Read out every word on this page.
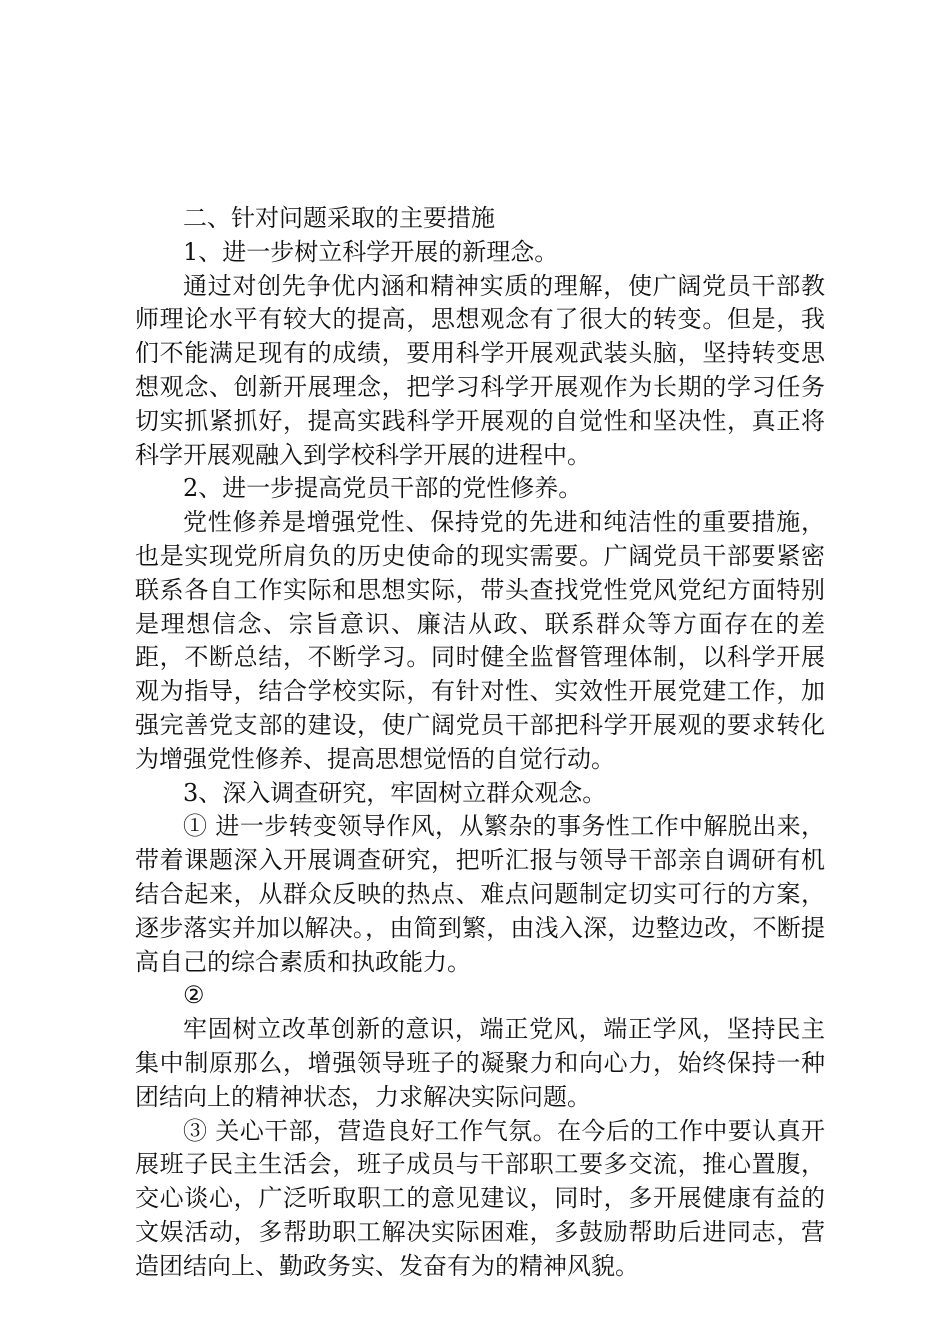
二、针对问题采取的主要措施

1、进一步树立科学开展的新理念。

通过对创先争优内涵和精神实质的理解，使广阔党员干部教师理论水平有较大的提高，思想观念有了很大的转变。但是，我们不能满足现有的成绩，要用科学开展观武装头脑，坚持转变思想观念、创新开展理念，把学习科学开展观作为长期的学习任务切实抓紧抓好，提高实践科学开展观的自觉性和坚决性，真正将科学开展观融入到学校科学开展的进程中。

2、进一步提高党员干部的党性修养。

党性修养是增强党性、保持党的先进和纯洁性的重要措施，也是实现党所肩负的历史使命的现实需要。广阔党员干部要紧密联系各自工作实际和思想实际，带头查找党性党风党纪方面特别是理想信念、宗旨意识、廉洁从政、联系群众等方面存在的差距，不断总结，不断学习。同时健全监督管理体制，以科学开展观为指导，结合学校实际，有针对性、实效性开展党建工作，加强完善党支部的建设，使广阔党员干部把科学开展观的要求转化为增强党性修养、提高思想觉悟的自觉行动。

3、深入调查研究，牢固树立群众观念。

① 进一步转变领导作风，从繁杂的事务性工作中解脱出来，带着课题深入开展调查研究，把听汇报与领导干部亲自调研有机结合起来，从群众反映的热点、难点问题制定切实可行的方案，逐步落实并加以解决。，由简到繁，由浅入深，边整边改，不断提高自己的综合素质和执政能力。

②

牢固树立改革创新的意识，端正党风，端正学风，坚持民主集中制原那么，增强领导班子的凝聚力和向心力，始终保持一种团结向上的精神状态，力求解决实际问题。

③ 关心干部，营造良好工作气氛。在今后的工作中要认真开展班子民主生活会，班子成员与干部职工要多交流，推心置腹，交心谈心，广泛听取职工的意见建议，同时，多开展健康有益的文娱活动，多帮助职工解决实际困难，多鼓励帮助后进同志，营造团结向上、勤政务实、发奋有为的精神风貌。
